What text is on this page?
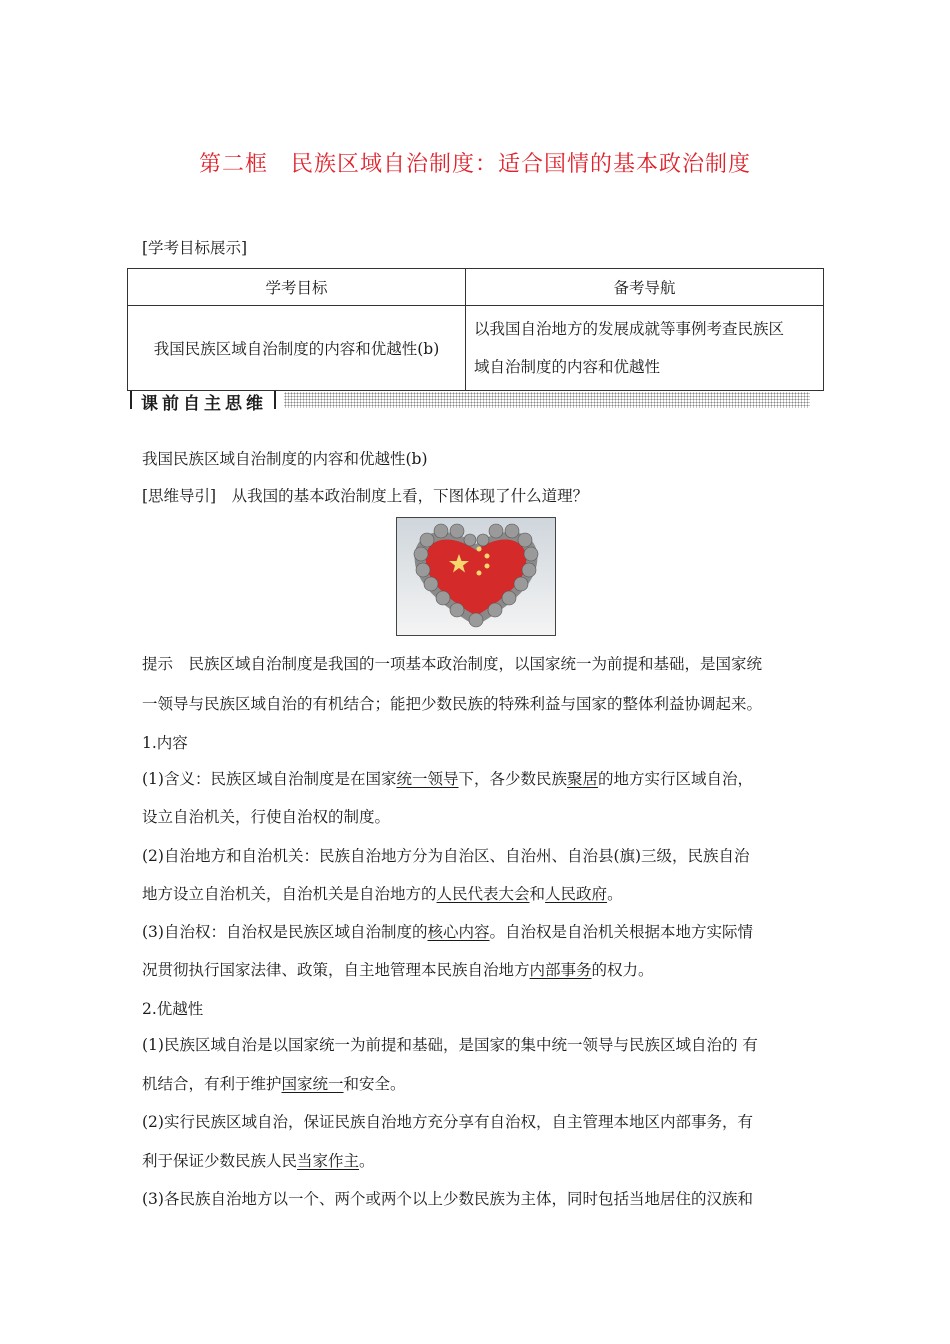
第二框　民族区域自治制度：适合国情的基本政治制度
[学考目标展示]
学考目标	备考导航
我国民族区域自治制度的内容和优越性(b)	以我国自治地方的发展成就等事例考查民族区
域自治制度的内容和优越性
课前自主思维
我国民族区域自治制度的内容和优越性(b)
[思维导引]　从我国的基本政治制度上看，下图体现了什么道理？
提示　民族区域自治制度是我国的一项基本政治制度，以国家统一为前提和基础，是国家统
一领导与民族区域自治的有机结合；能把少数民族的特殊利益与国家的整体利益协调起来。
1.内容
(1)含义：民族区域自治制度是在国家统一领导下，各少数民族聚居的地方实行区域自治，
设立自治机关，行使自治权的制度。
(2)自治地方和自治机关：民族自治地方分为自治区、自治州、自治县(旗)三级，民族自治
地方设立自治机关，自治机关是自治地方的人民代表大会和人民政府。
(3)自治权：自治权是民族区域自治制度的核心内容。自治权是自治机关根据本地方实际情
况贯彻执行国家法律、政策，自主地管理本民族自治地方内部事务的权力。
2.优越性
(1)民族区域自治是以国家统一为前提和基础，是国家的集中统一领导与民族区域自治的 有
机结合，有利于维护国家统一和安全。
(2)实行民族区域自治，保证民族自治地方充分享有自治权，自主管理本地区内部事务，有
利于保证少数民族人民当家作主。
(3)各民族自治地方以一个、两个或两个以上少数民族为主体，同时包括当地居住的汉族和
